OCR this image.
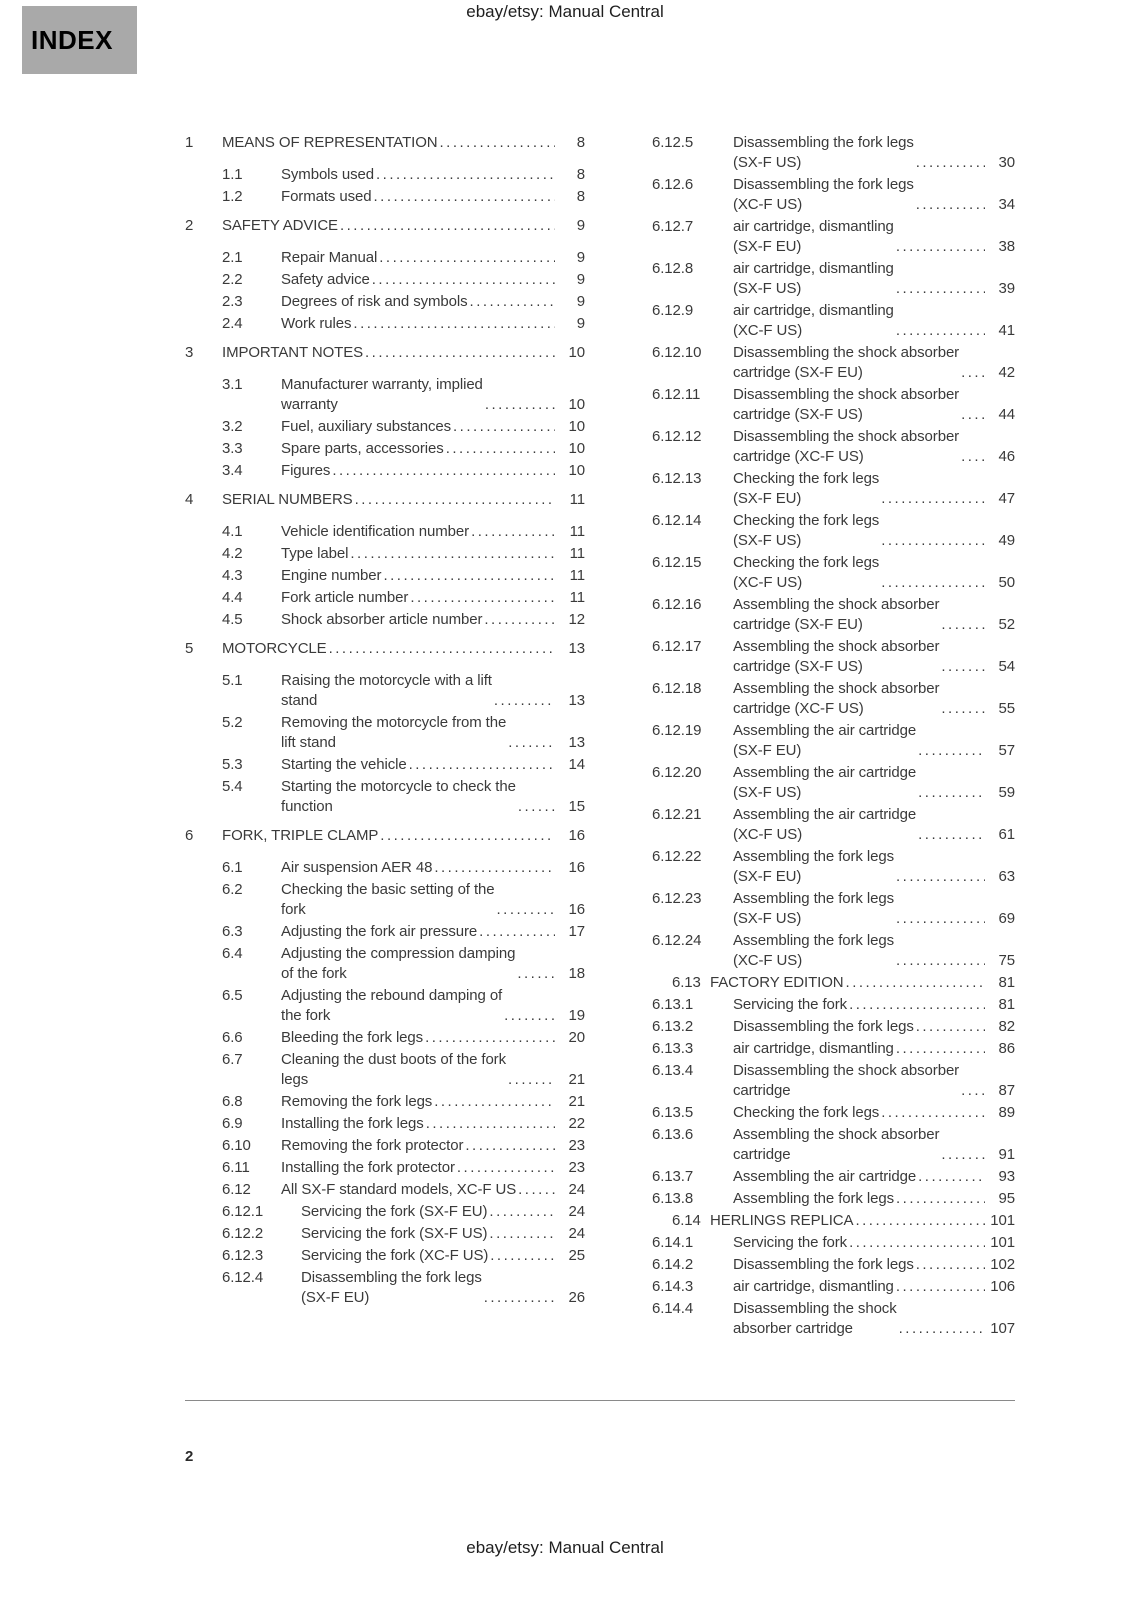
ebay/etsy: Manual Central
INDEX
1	MEANS OF REPRESENTATION .....	8
1.1	Symbols used .....	8
1.2	Formats used .....	8
2	SAFETY ADVICE .....	9
2.1	Repair Manual .....	9
2.2	Safety advice .....	9
2.3	Degrees of risk and symbols .....	9
2.4	Work rules .....	9
3	IMPORTANT NOTES .....	10
3.1	Manufacturer warranty, implied
warranty .....	10
3.2	Fuel, auxiliary substances .....	10
3.3	Spare parts, accessories .....	10
3.4	Figures .....	10
4	SERIAL NUMBERS .....	11
4.1	Vehicle identification number .....	11
4.2	Type label .....	11
4.3	Engine number .....	11
4.4	Fork article number .....	11
4.5	Shock absorber article number .....	12
5	MOTORCYCLE .....	13
5.1	Raising the motorcycle with a lift
stand .....	13
5.2	Removing the motorcycle from the
lift stand .....	13
5.3	Starting the vehicle .....	14
5.4	Starting the motorcycle to check the
function .....	15
6	FORK, TRIPLE CLAMP .....	16
6.1	Air suspension AER 48 .....	16
6.2	Checking the basic setting of the
fork .....	16
6.3	Adjusting the fork air pressure .....	17
6.4	Adjusting the compression damping
of the fork .....	18
6.5	Adjusting the rebound damping of
the fork .....	19
6.6	Bleeding the fork legs .....	20
6.7	Cleaning the dust boots of the fork
legs .....	21
6.8	Removing the fork legs .....	21
6.9	Installing the fork legs .....	22
6.10	Removing the fork protector .....	23
6.11	Installing the fork protector .....	23
6.12	All SX-F standard models, XC-F US .....	24
6.12.1	Servicing the fork (SX-F EU) .....	24
6.12.2	Servicing the fork (SX-F US) .....	24
6.12.3	Servicing the fork (XC-F US) .....	25
6.12.4	Disassembling the fork legs
(SX-F EU) .....	26
6.12.5	Disassembling the fork legs
(SX-F US) .....	30
6.12.6	Disassembling the fork legs
(XC-F US) .....	34
6.12.7	air cartridge, dismantling
(SX-F EU) .....	38
6.12.8	air cartridge, dismantling
(SX-F US) .....	39
6.12.9	air cartridge, dismantling
(XC-F US) .....	41
6.12.10	Disassembling the shock absorber
cartridge (SX-F EU) .....	42
6.12.11	Disassembling the shock absorber
cartridge (SX-F US) .....	44
6.12.12	Disassembling the shock absorber
cartridge (XC-F US) .....	46
6.12.13	Checking the fork legs
(SX-F EU) .....	47
6.12.14	Checking the fork legs
(SX-F US) .....	49
6.12.15	Checking the fork legs
(XC-F US) .....	50
6.12.16	Assembling the shock absorber
cartridge (SX-F EU) .....	52
6.12.17	Assembling the shock absorber
cartridge (SX-F US) .....	54
6.12.18	Assembling the shock absorber
cartridge (XC-F US) .....	55
6.12.19	Assembling the air cartridge
(SX-F EU) .....	57
6.12.20	Assembling the air cartridge
(SX-F US) .....	59
6.12.21	Assembling the air cartridge
(XC-F US) .....	61
6.12.22	Assembling the fork legs
(SX-F EU) .....	63
6.12.23	Assembling the fork legs
(SX-F US) .....	69
6.12.24	Assembling the fork legs
(XC-F US) .....	75
6.13 FACTORY EDITION .....	81
6.13.1	Servicing the fork .....	81
6.13.2	Disassembling the fork legs .....	82
6.13.3	air cartridge, dismantling .....	86
6.13.4	Disassembling the shock absorber
cartridge .....	87
6.13.5	Checking the fork legs .....	89
6.13.6	Assembling the shock absorber
cartridge .....	91
6.13.7	Assembling the air cartridge .....	93
6.13.8	Assembling the fork legs .....	95
6.14 HERLINGS REPLICA .....	101
6.14.1	Servicing the fork .....	101
6.14.2	Disassembling the fork legs .....	102
6.14.3	air cartridge, dismantling .....	106
6.14.4	Disassembling the shock
absorber cartridge .....	107
2
ebay/etsy: Manual Central
